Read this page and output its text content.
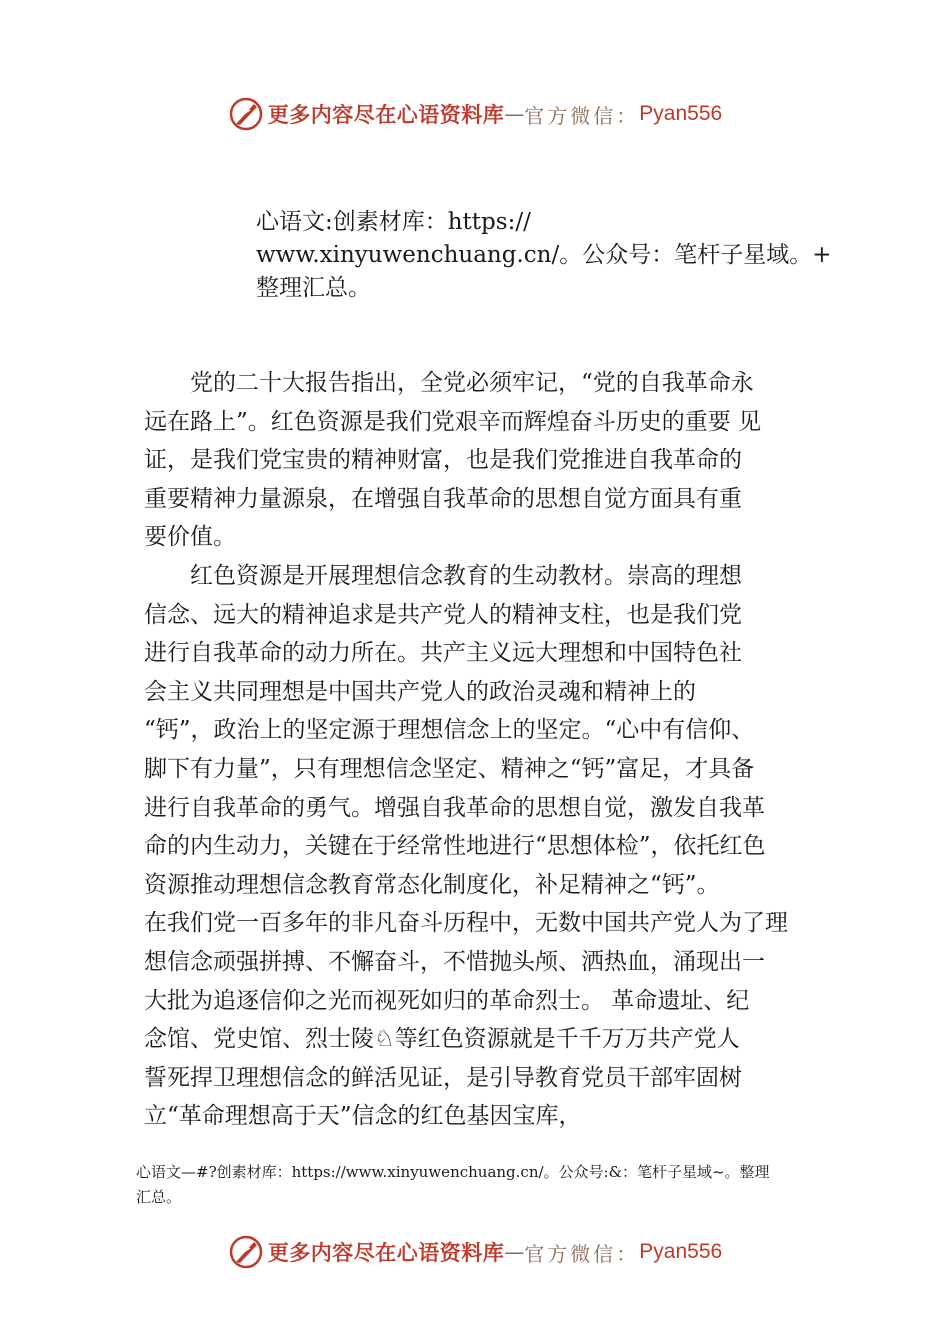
更多内容尽在心语资料库 — 官方微信： Pyan556
心语文:创素材库：https://
www.xinyuwenchuang.cn/。公众号：笔杆子星域。+
整理汇总。
　　党的二十大报告指出，全党必须牢记，“党的自我革命永
远在路上”。红色资源是我们党艰辛而辉煌奋斗历史的重要 见
证，是我们党宝贵的精神财富，也是我们党推进自我革命的
重要精神力量源泉，在增强自我革命的思想自觉方面具有重
要价值。
　　红色资源是开展理想信念教育的生动教材。崇高的理想
信念、远大的精神追求是共产党人的精神支柱，也是我们党
进行自我革命的动力所在。共产主义远大理想和中国特色社
会主义共同理想是中国共产党人的政治灵魂和精神上的
“钙”，政治上的坚定源于理想信念上的坚定。“心中有信仰、
脚下有力量”，只有理想信念坚定、精神之“钙”富足，才具备
进行自我革命的勇气。增强自我革命的思想自觉，激发自我革
命的内生动力，关键在于经常性地进行“思想体检”，依托红色
资源推动理想信念教育常态化制度化，补足精神之“钙”。
在我们党一百多年的非凡奋斗历程中，无数中国共产党人为了理
想信念顽强拼搏、不懈奋斗，不惜抛头颅、洒热血，涌现出一
大批为追逐信仰之光而视死如归的革命烈士。 革命遗址、纪
念馆、党史馆、烈士陵♘等红色资源就是千千万万共产党人
誓死捍卫理想信念的鲜活见证，是引导教育党员干部牢固树
立“革命理想高于天”信念的红色基因宝库，
心语文—#?创素材库：https://www.xinyuwenchuang.cn/。公众号:&：笔杆子星域~。整理
汇总。
更多内容尽在心语资料库 — 官方微信： Pyan556
